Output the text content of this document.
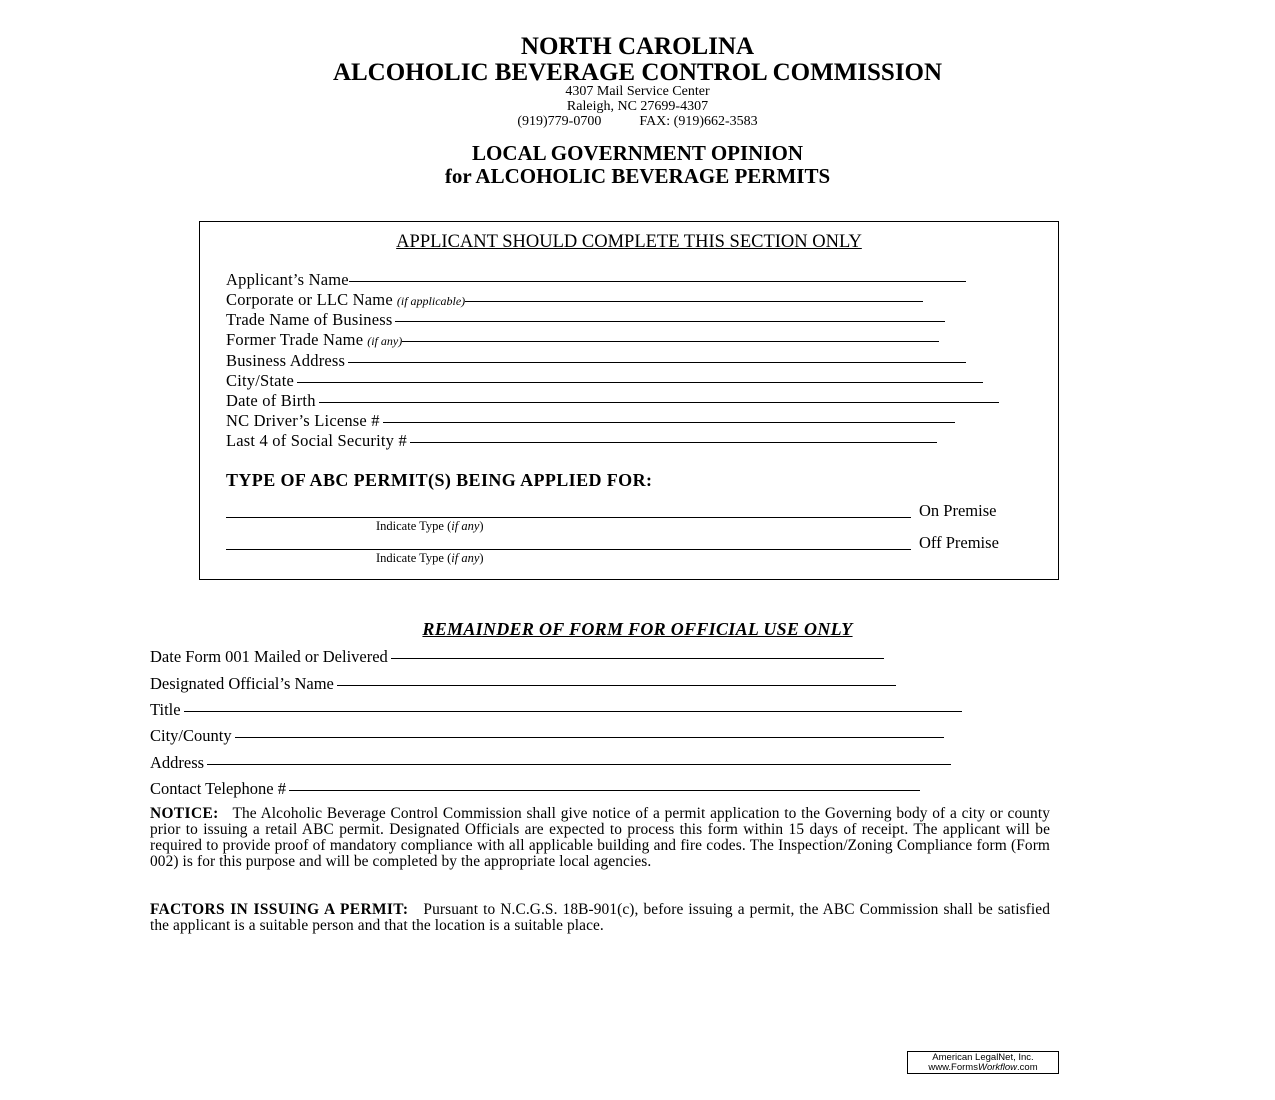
NORTH CAROLINA
ALCOHOLIC BEVERAGE CONTROL COMMISSION
4307 Mail Service Center
Raleigh, NC 27699-4307
(919)779-0700	FAX: (919)662-3583
LOCAL GOVERNMENT OPINION
for ALCOHOLIC BEVERAGE PERMITS
APPLICANT SHOULD COMPLETE THIS SECTION ONLY
Applicant’s Name
Corporate or LLC Name (if applicable)
Trade Name of Business
Former Trade Name (if any)
Business Address
City/State
Date of Birth
NC Driver’s License #
Last 4 of Social Security #
TYPE OF ABC PERMIT(S) BEING APPLIED FOR:
On Premise
Indicate Type (if any)
Off Premise
Indicate Type (if any)
REMAINDER OF FORM FOR OFFICIAL USE ONLY
Date Form 001 Mailed or Delivered
Designated Official’s Name
Title
City/County
Address
Contact Telephone #
NOTICE: The Alcoholic Beverage Control Commission shall give notice of a permit application to the Governing body of a city or county prior to issuing a retail ABC permit. Designated Officials are expected to process this form within 15 days of receipt. The applicant will be required to provide proof of mandatory compliance with all applicable building and fire codes. The Inspection/Zoning Compliance form (Form 002) is for this purpose and will be completed by the appropriate local agencies.
FACTORS IN ISSUING A PERMIT: Pursuant to N.C.G.S. 18B-901(c), before issuing a permit, the ABC Commission shall be satisfied the applicant is a suitable person and that the location is a suitable place.
American LegalNet, Inc.
www.FormsWorkflow.com
